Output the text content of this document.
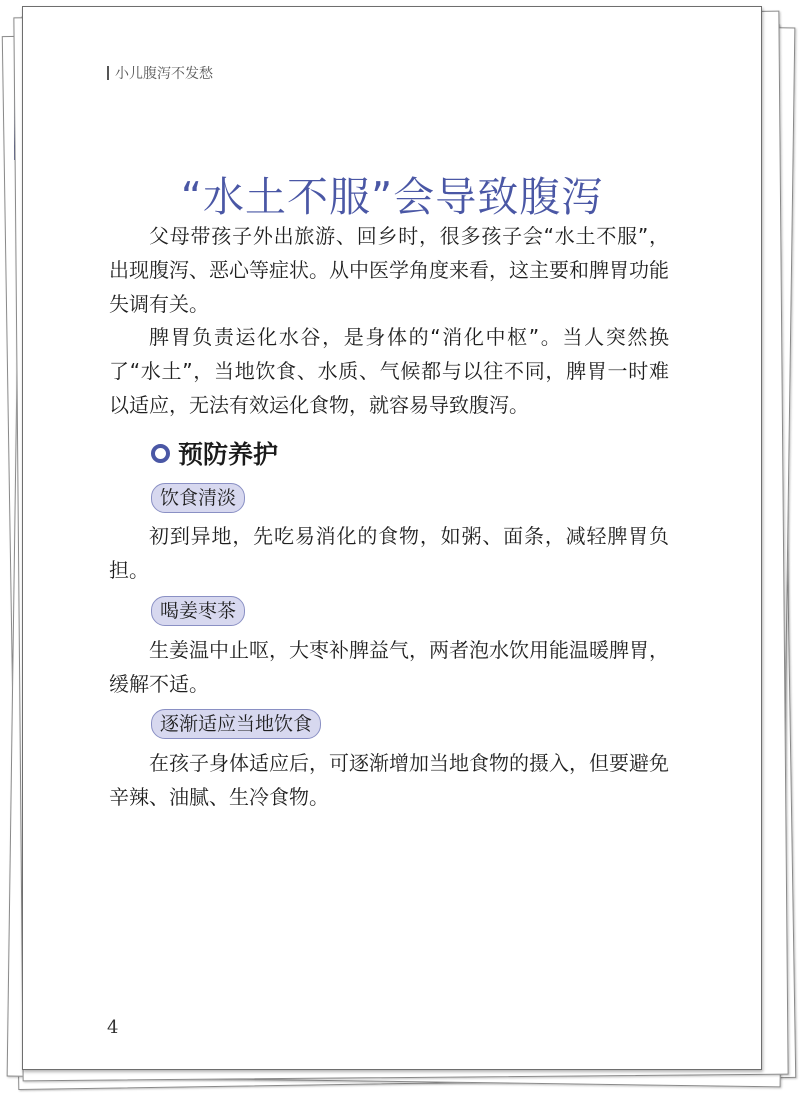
小儿腹泻不发愁
“水土不服”会导致腹泻

父母带孩子外出旅游、回乡时，很多孩子会“水土不服”，出现腹泻、恶心等症状。从中医学角度来看，这主要和脾胃功能失调有关。

脾胃负责运化水谷，是身体的“消化中枢”。当人突然换了“水土”，当地饮食、水质、气候都与以往不同，脾胃一时难以适应，无法有效运化食物，就容易导致腹泻。

预防养护
饮食清淡

初到异地，先吃易消化的食物，如粥、面条，减轻脾胃负担。

喝姜枣茶

生姜温中止呕，大枣补脾益气，两者泡水饮用能温暖脾胃，缓解不适。

逐渐适应当地饮食

在孩子身体适应后，可逐渐增加当地食物的摄入，但要避免辛辣、油腻、生冷食物。

4
